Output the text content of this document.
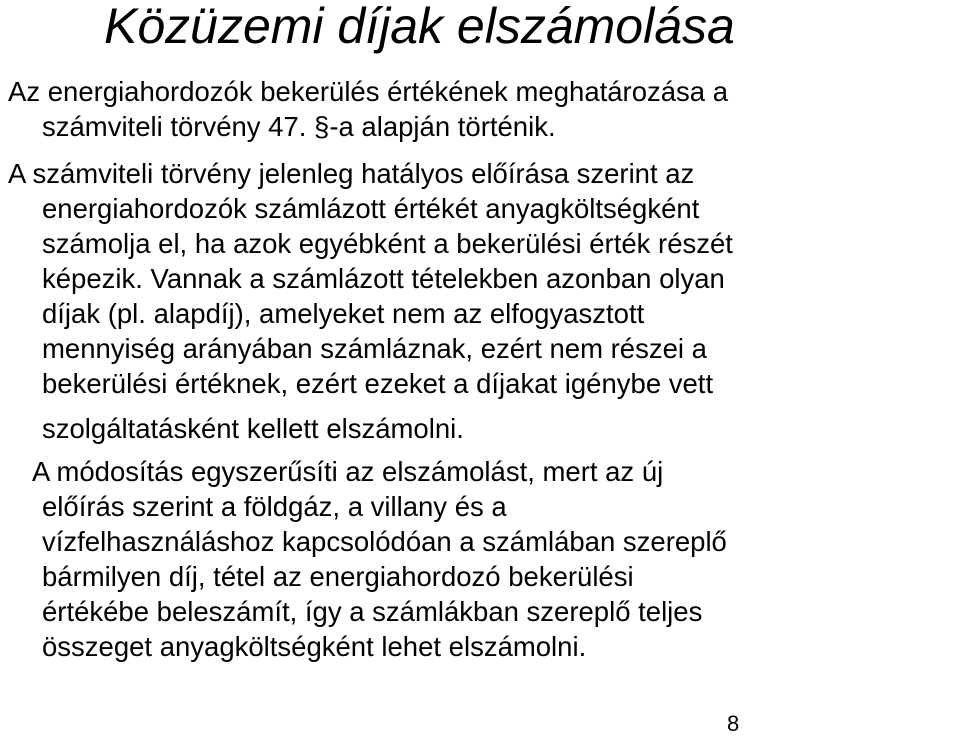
Közüzemi díjak elszámolása
Az energiahordozók bekerülés értékének meghatározása a
számviteli törvény 47. §-a alapján történik.
A számviteli törvény jelenleg hatályos előírása szerint az
energiahordozók számlázott értékét anyagköltségként
számolja el, ha azok egyébként a bekerülési érték részét
képezik. Vannak a számlázott tételekben azonban olyan
díjak (pl. alapdíj), amelyeket nem az elfogyasztott
mennyiség arányában számláznak, ezért nem részei a
bekerülési értéknek, ezért ezeket a díjakat igénybe vett
szolgáltatásként kellett elszámolni.
A módosítás egyszerűsíti az elszámolást, mert az új
előírás szerint a földgáz, a villany és a
vízfelhasználáshoz kapcsolódóan a számlában szereplő
bármilyen díj, tétel az energiahordozó bekerülési
értékébe beleszámít, így a számlákban szereplő teljes
összeget anyagköltségként lehet elszámolni.
8
